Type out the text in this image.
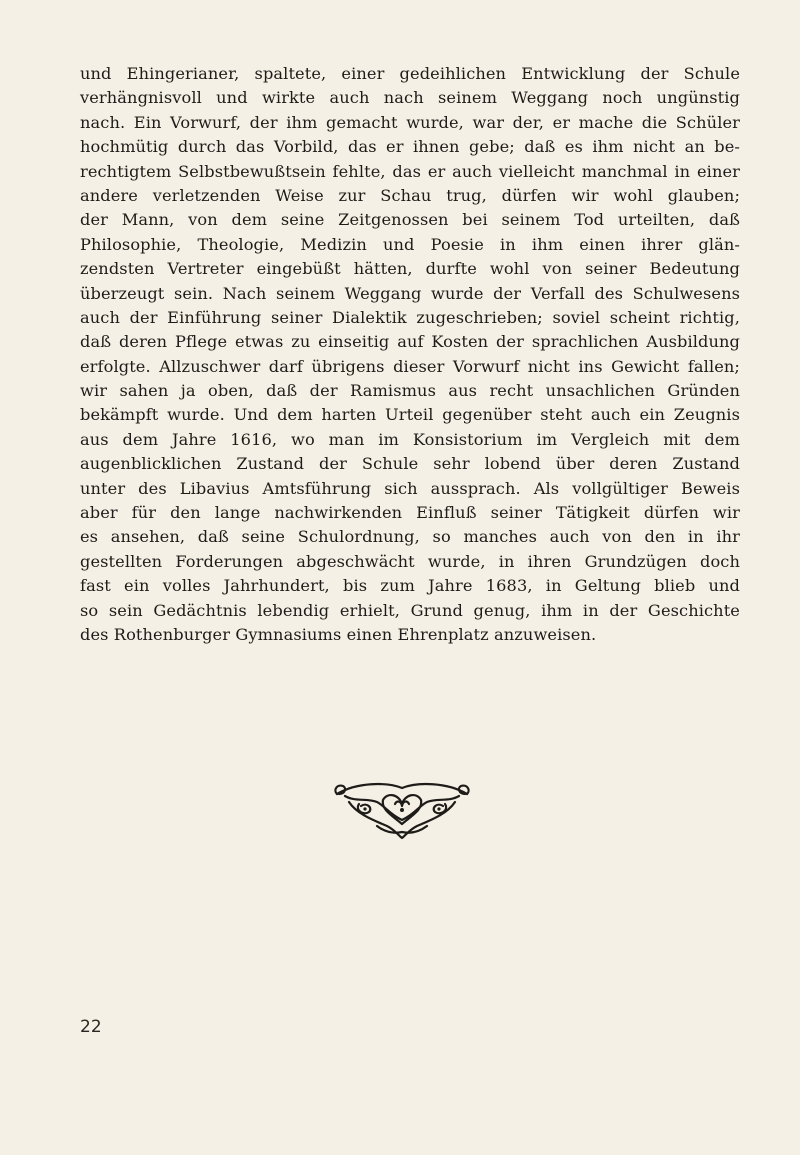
und Ehingerianer, spaltete, einer gedeihlichen Entwicklung der Schule
verhängnisvoll und wirkte auch nach seinem Weggang noch ungünstig
nach. Ein Vorwurf, der ihm gemacht wurde, war der, er mache die Schüler
hochmütig durch das Vorbild, das er ihnen gebe; daß es ihm nicht an be-
rechtigtem Selbstbewußtsein fehlte, das er auch vielleicht manchmal in einer
andere verletzenden Weise zur Schau trug, dürfen wir wohl glauben;
der Mann, von dem seine Zeitgenossen bei seinem Tod urteilten, daß
Philosophie, Theologie, Medizin und Poesie in ihm einen ihrer glän-
zendsten Vertreter eingebüßt hätten, durfte wohl von seiner Bedeutung
überzeugt sein. Nach seinem Weggang wurde der Verfall des Schulwesens
auch der Einführung seiner Dialektik zugeschrieben; soviel scheint richtig,
daß deren Pflege etwas zu einseitig auf Kosten der sprachlichen Ausbildung
erfolgte. Allzuschwer darf übrigens dieser Vorwurf nicht ins Gewicht fallen;
wir sahen ja oben, daß der Ramismus aus recht unsachlichen Gründen
bekämpft wurde. Und dem harten Urteil gegenüber steht auch ein Zeugnis
aus dem Jahre 1616, wo man im Konsistorium im Vergleich mit dem
augenblicklichen Zustand der Schule sehr lobend über deren Zustand
unter des Libavius Amtsführung sich aussprach. Als vollgültiger Beweis
aber für den lange nachwirkenden Einfluß seiner Tätigkeit dürfen wir
es ansehen, daß seine Schulordnung, so manches auch von den in ihr
gestellten Forderungen abgeschwächt wurde, in ihren Grundzügen doch
fast ein volles Jahrhundert, bis zum Jahre 1683, in Geltung blieb und
so sein Gedächtnis lebendig erhielt, Grund genug, ihm in der Geschichte
des Rothenburger Gymnasiums einen Ehrenplatz anzuweisen.
22
